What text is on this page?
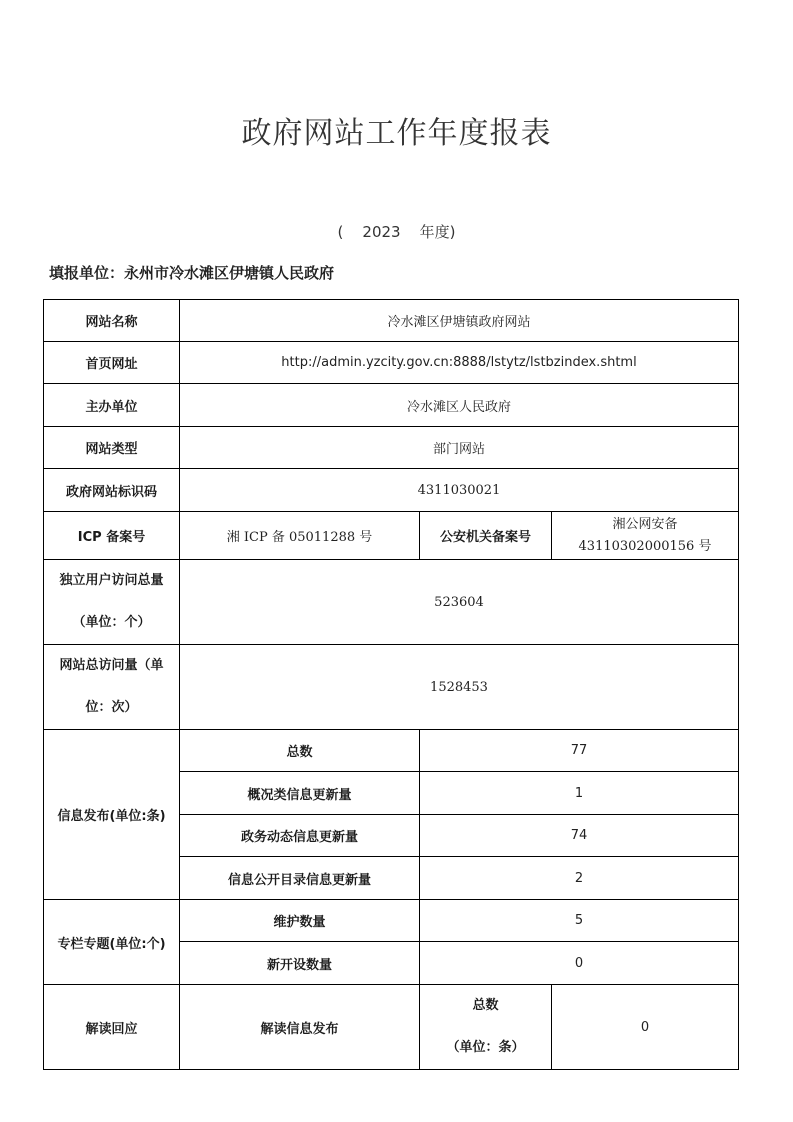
政府网站工作年度报表
(    2023    年度)
填报单位：永州市冷水滩区伊塘镇人民政府
网站名称	冷水滩区伊塘镇政府网站		
首页网址	http://admin.yzcity.gov.cn:8888/lstytz/lstbzindex.shtml		
主办单位	冷水滩区人民政府		
网站类型	部门网站		
政府网站标识码	4311030021		
ICP 备案号	湘 ICP 备 05011288 号	公安机关备案号	湘公网安备
43110302000156 号

独立用户访问总量
（单位：个）	523604		

网站总访问量（单
位：次）	1528453		
信息发布(单位:条)	总数	77	
	概况类信息更新量	1	
	政务动态信息更新量	74	
	信息公开目录信息更新量	2	
专栏专题(单位:个)	维护数量	5	
	新开设数量	0	
解读回应	解读信息发布	总数
（单位：条）	0
